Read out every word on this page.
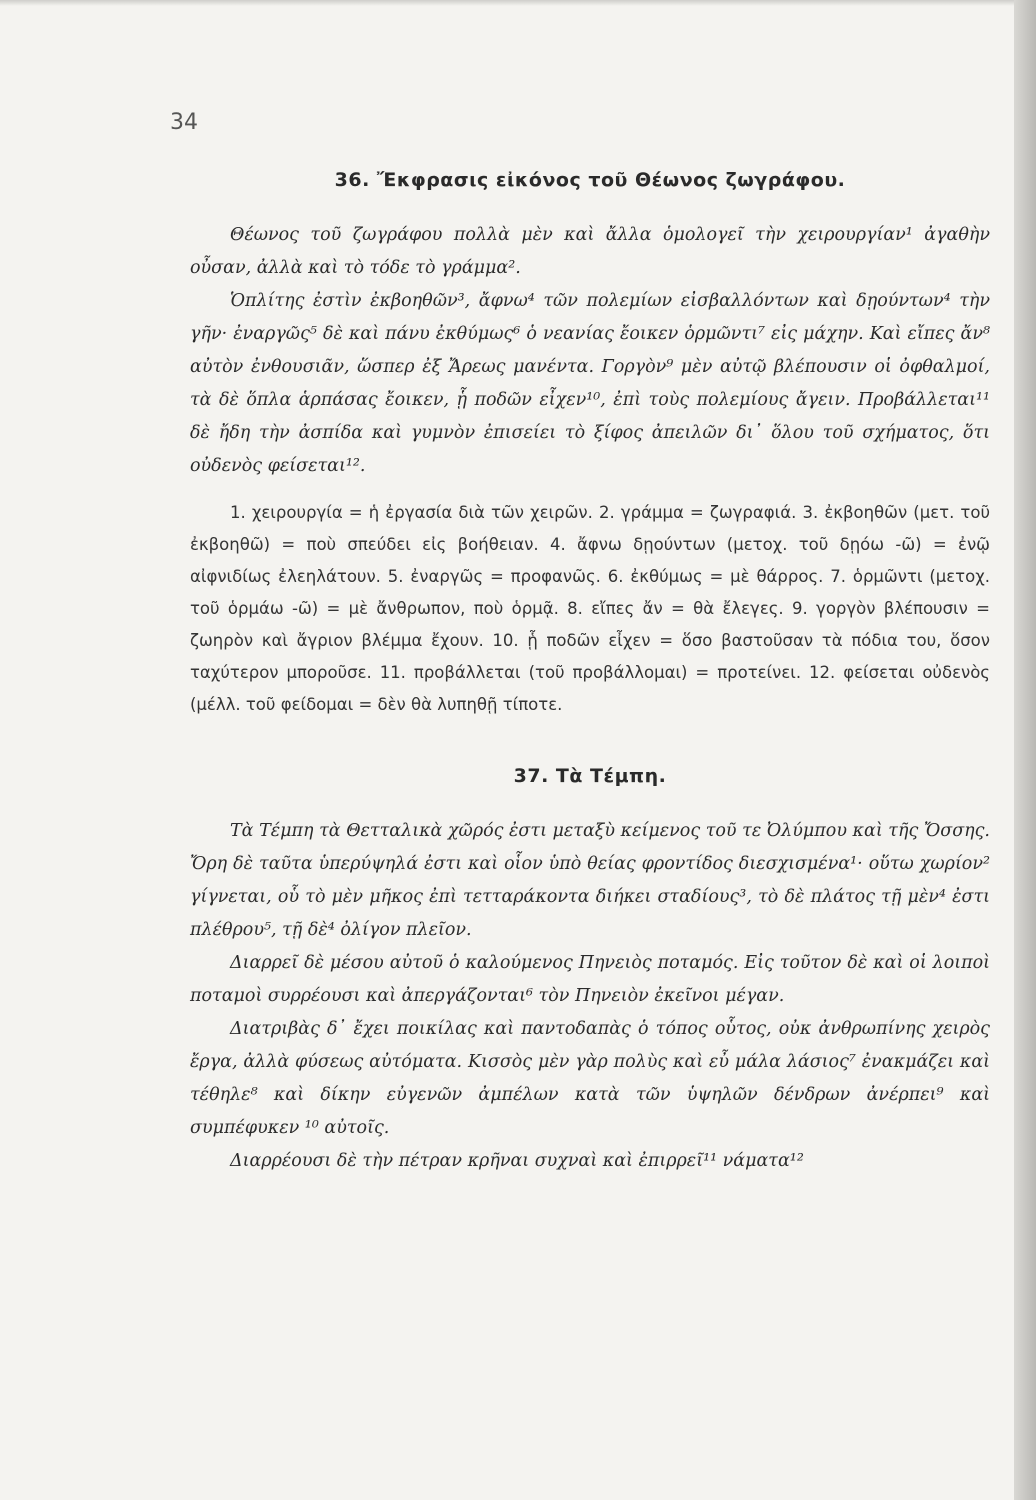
34
36. Ἔκφρασις εἰκόνος τοῦ Θέωνος ζωγράφου.

Θέωνος τοῦ ζωγράφου πολλὰ μὲν καὶ ἄλλα ὁμολογεῖ τὴν χειρουργίαν¹ ἀγαθὴν οὖσαν, ἀλλὰ καὶ τὸ τόδε τὸ γράμμα².

Ὁπλίτης ἐστὶν ἐκβοηθῶν³, ἄφνω⁴ τῶν πολεμίων εἰσβαλλόντων καὶ δῃούντων⁴ τὴν γῆν· ἐναργῶς⁵ δὲ καὶ πάνυ ἐκθύμως⁶ ὁ νεανίας ἔοικεν ὁρμῶντι⁷ εἰς μάχην. Καὶ εἴπες ἄν⁸ αὐτὸν ἐνθουσιᾶν, ὥσπερ ἐξ Ἄρεως μανέντα. Γοργὸν⁹ μὲν αὐτῷ βλέπουσιν οἱ ὀφθαλμοί, τὰ δὲ ὅπλα ἁρπάσας ἔοικεν, ᾗ ποδῶν εἶχεν¹⁰, ἐπὶ τοὺς πολεμίους ἄγειν. Προβάλλεται¹¹ δὲ ἤδη τὴν ἀσπίδα καὶ γυμνὸν ἐπισείει τὸ ξίφος ἀπειλῶν δι᾽ ὅλου τοῦ σχήματος, ὅτι οὐδενὸς φείσεται¹².

1. χειρουργία = ἡ ἐργασία διὰ τῶν χειρῶν. 2. γράμμα = ζωγραφιά. 3. ἐκβοηθῶν (μετ. τοῦ ἐκβοηθῶ) = ποὺ σπεύδει εἰς βοήθειαν. 4. ἄφνω δῃούντων (μετοχ. τοῦ δῃόω -ῶ) = ἐνῷ αἰφνιδίως ἐλεηλάτουν. 5. ἐναργῶς = προφανῶς. 6. ἐκθύμως = μὲ θάρρος. 7. ὁρμῶντι (μετοχ. τοῦ ὁρμάω -ῶ) = μὲ ἄνθρωπον, ποὺ ὁρμᾷ. 8. εἴπες ἄν = θὰ ἔλεγες. 9. γοργὸν βλέπουσιν = ζωηρὸν καὶ ἄγριον βλέμμα ἔχουν. 10. ᾗ ποδῶν εἶχεν = ὅσο βαστοῦσαν τὰ πόδια του, ὅσον ταχύτερον μποροῦσε. 11. προβάλλεται (τοῦ προβάλλομαι) = προτείνει. 12. φείσεται οὐδενὸς (μέλλ. τοῦ φείδομαι = δὲν θὰ λυπηθῇ τίποτε.

37. Τὰ Τέμπη.

Τὰ Τέμπη τὰ Θετταλικὰ χῶρός ἐστι μεταξὺ κείμενος τοῦ τε Ὀλύμπου καὶ τῆς Ὄσσης. Ὄρη δὲ ταῦτα ὑπερύψηλά ἐστι καὶ οἷον ὑπὸ θείας φροντίδος διεσχισμένα¹· οὕτω χωρίον² γίγνεται, οὗ τὸ μὲν μῆκος ἐπὶ τετταράκοντα διήκει σταδίους³, τὸ δὲ πλάτος τῇ μὲν⁴ ἐστι πλέθρου⁵, τῇ δὲ⁴ ὀλίγον πλεῖον.

Διαρρεῖ δὲ μέσου αὐτοῦ ὁ καλούμενος Πηνειὸς ποταμός. Εἰς τοῦτον δὲ καὶ οἱ λοιποὶ ποταμοὶ συρρέουσι καὶ ἀπεργάζονται⁶ τὸν Πηνειὸν ἐκεῖνοι μέγαν.

Διατριβὰς δ᾽ ἔχει ποικίλας καὶ παντοδαπὰς ὁ τόπος οὗτος, οὐκ ἀνθρωπίνης χειρὸς ἔργα, ἀλλὰ φύσεως αὐτόματα. Κισσὸς μὲν γὰρ πολὺς καὶ εὖ μάλα λάσιος⁷ ἐνακμάζει καὶ τέθηλε⁸ καὶ δίκην εὐγενῶν ἀμπέλων κατὰ τῶν ὑψηλῶν δένδρων ἀνέρπει⁹ καὶ συμπέφυκεν ¹⁰ αὐτοῖς.

Διαρρέουσι δὲ τὴν πέτραν κρῆναι συχναὶ καὶ ἐπιρρεῖ¹¹ νάματα¹²
